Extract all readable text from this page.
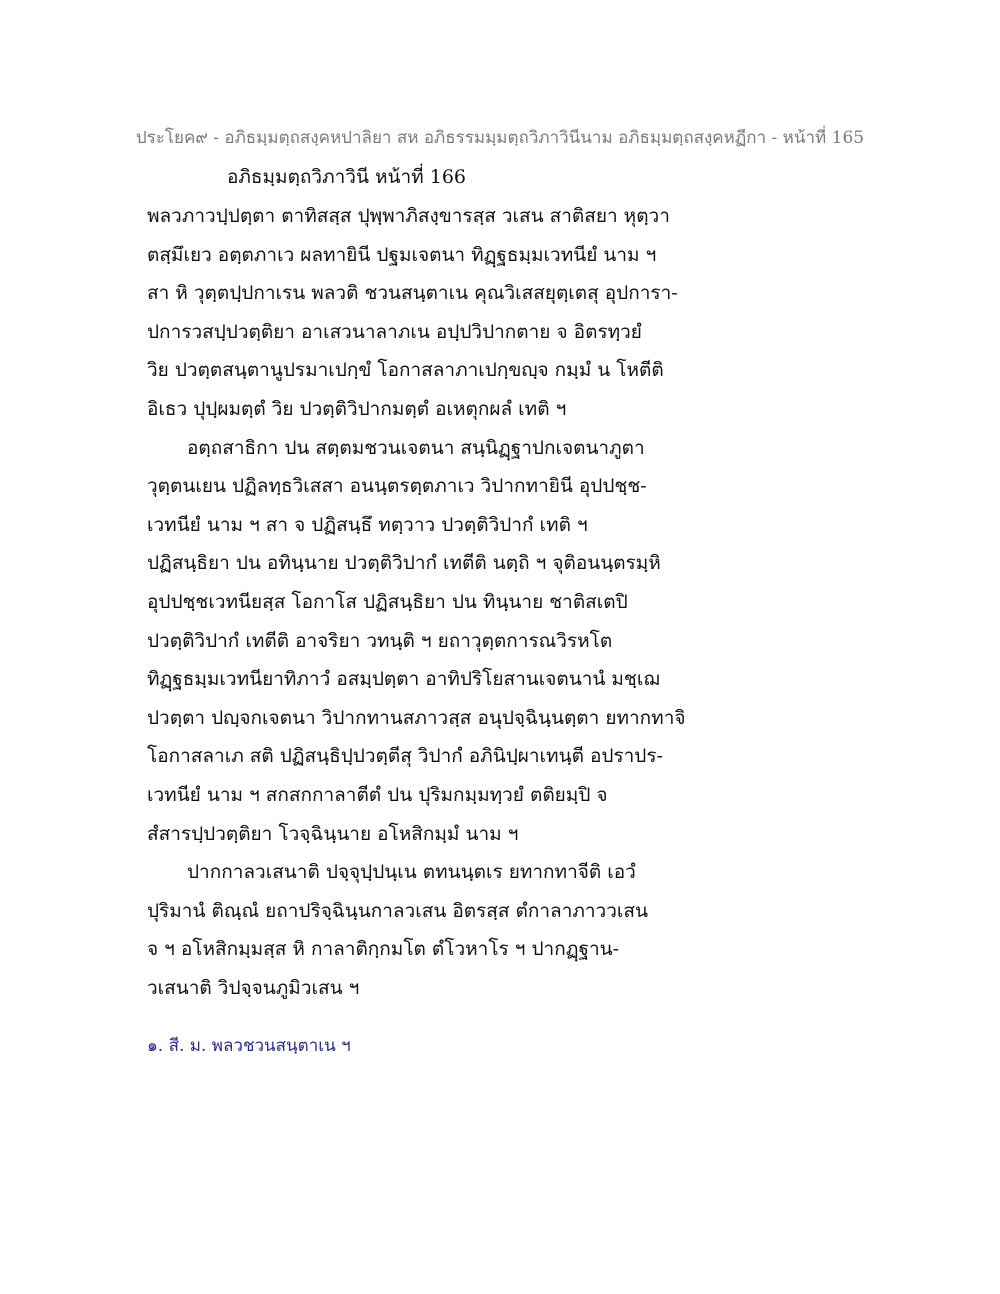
ประโยค๙ - อภิธมฺมตฺถสงฺคหปาลิยา สห อภิธรรมมฺมตฺถวิภาวินีนาม อภิธมฺมตฺถสงฺคหฏีกา - หน้าที่ 165
อภิธมฺมตฺถวิภาวินี หน้าที่ 166
พลวภาวปฺปตฺตา ตาทิสสฺส ปุพฺพาภิสงฺขารสฺส วเสน สาติสยา หุตฺวา
ตสฺมึเยว อตฺตภาเว ผลทายินี ปฐมเจตนา ทิฏฺฐธมฺมเวทนียํ นาม ฯ
สา หิ วุตฺตปฺปกาเรน พลวติ ชวนสนฺตาเน คุณวิเสสยุตฺเตสุ อุปการา-
ปการวสปฺปวตฺติยา อาเสวนาลาภเน อปฺปวิปากตาย จ อิตรทฺวยํ
วิย ปวตฺตสนฺตานูปรมาเปกฺขํ โอกาสลาภาเปกฺขญฺจ กมฺมํ น โหตีติ
อิเธว ปุปฺผมตฺตํ วิย ปวตฺติวิปากมตฺตํ อเหตุกผลํ เทติ ฯ
อตฺถสาธิกา ปน สตฺตมชวนเจตนา สนฺนิฏฺฐาปกเจตนาภูตา
วุตฺตนเยน ปฏิลทฺธวิเสสา อนนฺตรตฺตภาเว วิปากทายินี อุปปชฺช-
เวทนียํ นาม ฯ สา จ ปฏิสนฺธึ ทตฺวาว ปวตฺติวิปากํ เทติ ฯ
ปฏิสนฺธิยา ปน อทินฺนาย ปวตฺติวิปากํ เทตีติ นตฺถิ ฯ จุติอนนฺตรมฺหิ
อุปปชฺชเวทนียสฺส โอกาโส ปฏิสนฺธิยา ปน ทินฺนาย ชาติสเตปิ
ปวตฺติวิปากํ เทตีติ อาจริยา วทนฺติ ฯ ยถาวุตฺตการณวิรหโต
ทิฏฺฐธมฺมเวทนียาทิภาวํ อสมฺปตฺตา อาทิปริโยสานเจตนานํ มชฺเฌ
ปวตฺตา ปญฺจกเจตนา วิปากทานสภาวสฺส อนุปจฺฉินฺนตฺตา ยทากทาจิ
โอกาสลาเภ สติ ปฏิสนฺธิปฺปวตฺตีสุ วิปากํ อภินิปฺผาเทนฺตี อปราปร-
เวทนียํ นาม ฯ สกสกกาลาตีตํ ปน ปุริมกมฺมทฺวยํ ตติยมฺปิ จ
สํสารปฺปวตฺติยา โวจฺฉินฺนาย อโหสิกมฺมํ นาม ฯ
ปากกาลวเสนาติ ปจฺจุปฺปนฺเน ตทนนฺตเร ยทากทาจีติ เอวํ
ปุริมานํ ติณฺณํ ยถาปริจฺฉินฺนกาลวเสน อิตรสฺส ตํกาลาภาววเสน
จ ฯ อโหสิกมฺมสฺส หิ กาลาติกฺกมโต ตํโวหาโร ฯ ปากฏฺฐาน-
วเสนาติ วิปจฺจนภูมิวเสน ฯ
๑. สี. ม. พลวชวนสนฺตาเน ฯ
